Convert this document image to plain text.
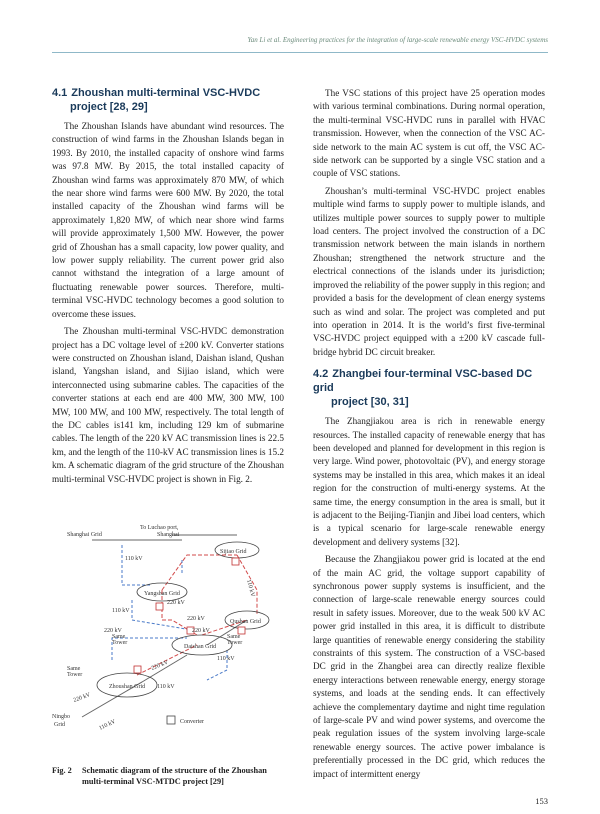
Yan Li et al. Engineering practices for the integration of large-scale renewable energy VSC-HVDC systems
4.1 Zhoushan multi-terminal VSC-HVDC
project [28, 29]

The Zhoushan Islands have abundant wind resources. The construction of wind farms in the Zhoushan Islands began in 1993. By 2010, the installed capacity of onshore wind farms was 97.8 MW. By 2015, the total installed capacity of Zhoushan wind farms was approximately 870 MW, of which the near shore wind farms were 600 MW. By 2020, the total installed capacity of the Zhoushan wind farms will be approximately 1,820 MW, of which near shore wind farms will provide approximately 1,500 MW. However, the power grid of Zhoushan has a small capacity, low power quality, and low power supply reliability. The current power grid also cannot withstand the integration of a large amount of fluctuating renewable power sources. Therefore, multi-terminal VSC-HVDC technology becomes a good solution to overcome these issues.

The Zhoushan multi-terminal VSC-HVDC demonstration project has a DC voltage level of ±200 kV. Converter stations were constructed on Zhoushan island, Daishan island, Qushan island, Yangshan island, and Sijiao island, which were interconnected using submarine cables. The capacities of the converter stations at each end are 400 MW, 300 MW, 100 MW, 100 MW, and 100 MW, respectively. The total length of the DC cables is141 km, including 129 km of submarine cables. The length of the 220 kV AC transmission lines is 22.5 km, and the length of the 110-kV AC transmission lines is 15.2 km. A schematic diagram of the grid structure of the Zhoushan multi-terminal VSC-HVDC project is shown in Fig. 2.

Shanghai Grid
To Luchao port,
Shanghai
Sijiao Grid
Yangshan Grid
Qushan Grid
Daishan Grid
Zhoushan Grid
Ningbo
Grid
Same
Tower
Same
Tower
Same
Tower
110 kV
110 kV
110 kV
110 kV
110 kV
110 kV
220 kV
220 kV
220 kV	220 kV
220 kV
220 kV
Converter
Fig. 2	Schematic diagram of the structure of the Zhoushan multi-terminal VSC-MTDC project [29]

The VSC stations of this project have 25 operation modes with various terminal combinations. During normal operation, the multi-terminal VSC-HVDC runs in parallel with HVAC transmission. However, when the connection of the VSC AC-side network to the main AC system is cut off, the VSC AC-side network can be supported by a single VSC station and a couple of VSC stations.

Zhoushan’s multi-terminal VSC-HVDC project enables multiple wind farms to supply power to multiple islands, and utilizes multiple power sources to supply power to multiple load centers. The project involved the construction of a DC transmission network between the main islands in northern Zhoushan; strengthened the network structure and the electrical connections of the islands under its jurisdiction; improved the reliability of the power supply in this region; and provided a basis for the development of clean energy systems such as wind and solar. The project was completed and put into operation in 2014. It is the world’s first five-terminal VSC-HVDC project equipped with a ±200 kV cascade full-bridge hybrid DC circuit breaker.

4.2 Zhangbei four-terminal VSC-based DC grid
project [30, 31]

The Zhangjiakou area is rich in renewable energy resources. The installed capacity of renewable energy that has been developed and planned for development in this region is very large. Wind power, photovoltaic (PV), and energy storage systems may be installed in this area, which makes it an ideal region for the construction of multi-energy systems. At the same time, the energy consumption in the area is small, but it is adjacent to the Beijing-Tianjin and Jibei load centers, which is a typical scenario for large-scale renewable energy development and delivery systems [32].

Because the Zhangjiakou power grid is located at the end of the main AC grid, the voltage support capability of synchronous power supply systems is insufficient, and the connection of large-scale renewable energy sources could result in safety issues. Moreover, due to the weak 500 kV AC power grid installed in this area, it is difficult to distribute large quantities of renewable energy considering the stability constraints of this system. The construction of a VSC-based DC grid in the Zhangbei area can directly realize flexible energy interactions between renewable energy, energy storage systems, and loads at the sending ends. It can effectively achieve the complementary daytime and night time regulation of large-scale PV and wind power systems, and overcome the peak regulation issues of the system involving large-scale renewable energy sources. The active power imbalance is preferentially processed in the DC grid, which reduces the impact of intermittent energy

153
